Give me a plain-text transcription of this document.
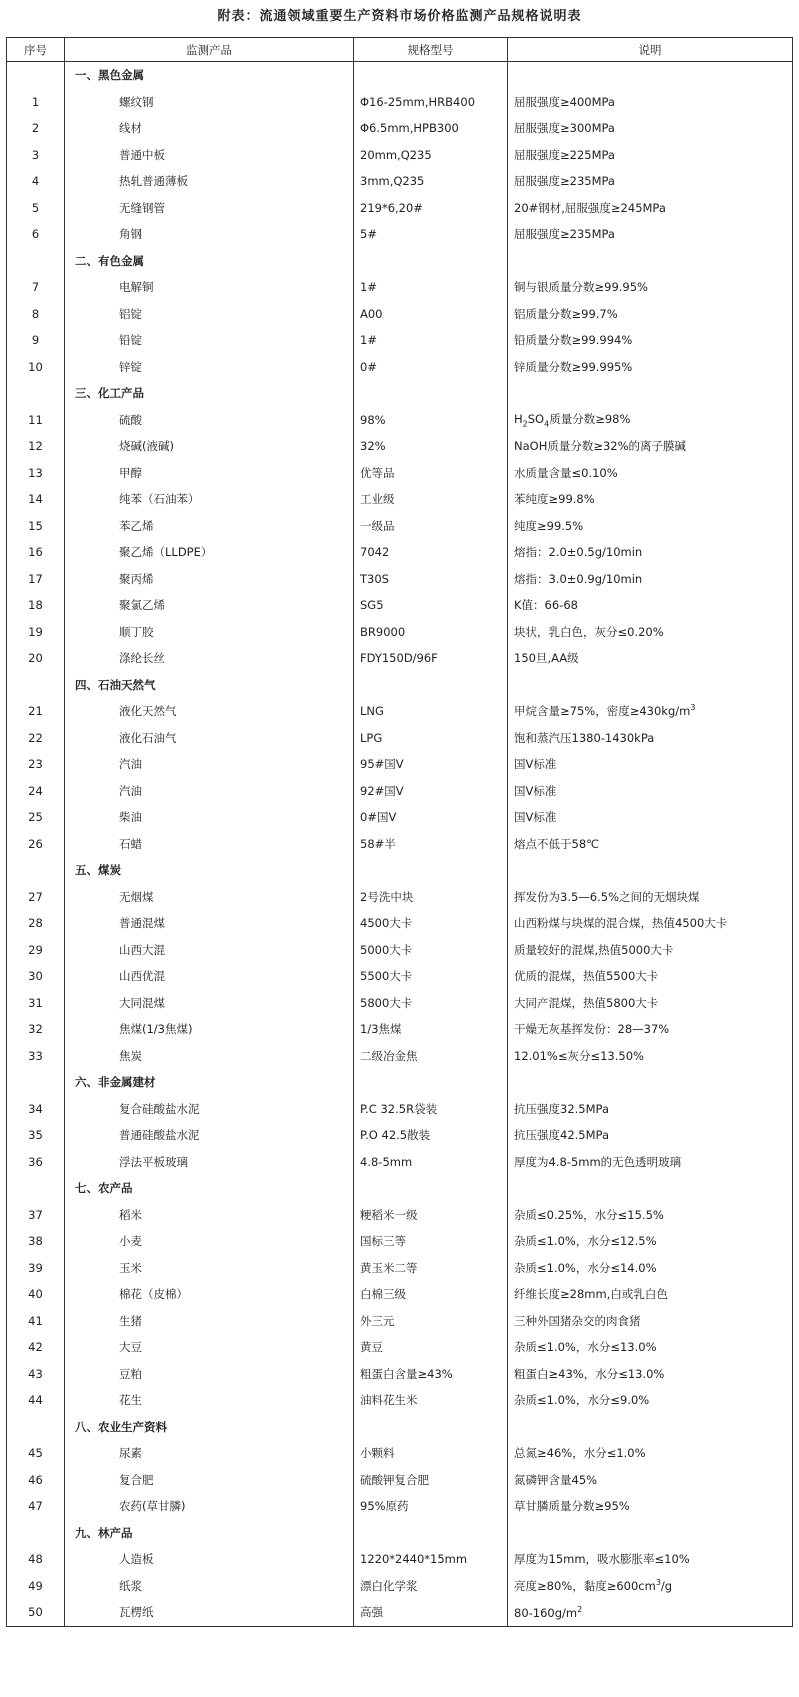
附表：流通领域重要生产资料市场价格监测产品规格说明表
序号	监测产品	规格型号	说明
	一、黑色金属		
1	螺纹钢	Φ16-25mm,HRB400	屈服强度≥400MPa
2	线材	Φ6.5mm,HPB300	屈服强度≥300MPa
3	普通中板	20mm,Q235	屈服强度≥225MPa
4	热轧普通薄板	3mm,Q235	屈服强度≥235MPa
5	无缝钢管	219*6,20#	20#钢材,屈服强度≥245MPa
6	角钢	5#	屈服强度≥235MPa
	二、有色金属		
7	电解铜	1#	铜与银质量分数≥99.95%
8	铝锭	A00	铝质量分数≥99.7%
9	铅锭	1#	铅质量分数≥99.994%
10	锌锭	0#	锌质量分数≥99.995%
	三、化工产品		
11	硫酸	98%	$H_2SO_4$质量分数≥98%
12	烧碱(液碱)	32%	NaOH质量分数≥32%的离子膜碱
13	甲醇	优等品	水质量含量≤0.10%
14	纯苯（石油苯）	工业级	苯纯度≥99.8%
15	苯乙烯	一级品	纯度≥99.5%
16	聚乙烯（LLDPE）	7042	熔指：2.0±0.5g/10min
17	聚丙烯	T30S	熔指：3.0±0.9g/10min
18	聚氯乙烯	SG5	K值：66-68
19	顺丁胶	BR9000	块状，乳白色，灰分≤0.20%
20	涤纶长丝	FDY150D/96F	150旦,AA级
	四、石油天然气		
21	液化天然气	LNG	甲烷含量≥75%，密度$\ge 430kg/m^3$
22	液化石油气	LPG	饱和蒸汽压1380-1430kPa
23	汽油	95#国Ⅴ	国Ⅴ标准
24	汽油	92#国Ⅴ	国Ⅴ标准
25	柴油	0#国Ⅴ	国Ⅴ标准
26	石蜡	58#半	熔点不低于58℃
	五、煤炭		
27	无烟煤	2号洗中块	挥发份为3.5—6.5%之间的无烟块煤
28	普通混煤	4500大卡	山西粉煤与块煤的混合煤，热值4500大卡
29	山西大混	5000大卡	质量较好的混煤,热值5000大卡
30	山西优混	5500大卡	优质的混煤，热值5500大卡
31	大同混煤	5800大卡	大同产混煤，热值5800大卡
32	焦煤(1/3焦煤)	1/3焦煤	干燥无灰基挥发份：28—37%
33	焦炭	二级冶金焦	12.01%≤灰分≤13.50%
	六、非金属建材		
34	复合硅酸盐水泥	P.C 32.5R袋装	抗压强度32.5MPa
35	普通硅酸盐水泥	P.O 42.5散装	抗压强度42.5MPa
36	浮法平板玻璃	4.8-5mm	厚度为4.8-5mm的无色透明玻璃
	七、农产品		
37	稻米	粳稻米一级	杂质≤0.25%，水分≤15.5%
38	小麦	国标三等	杂质≤1.0%，水分≤12.5%
39	玉米	黄玉米二等	杂质≤1.0%，水分≤14.0%
40	棉花（皮棉）	白棉三级	纤维长度≥28mm,白或乳白色
41	生猪	外三元	三种外国猪杂交的肉食猪
42	大豆	黄豆	杂质≤1.0%，水分≤13.0%
43	豆粕	粗蛋白含量≥43%	粗蛋白≥43%，水分≤13.0%
44	花生	油料花生米	杂质≤1.0%，水分≤9.0%
	八、农业生产资料		
45	尿素	小颗料	总氮≥46%，水分≤1.0%
46	复合肥	硫酸钾复合肥	氮磷钾含量45%
47	农药(草甘膦)	95%原药	草甘膦质量分数≥95%
	九、林产品		
48	人造板	1220*2440*15mm	厚度为15mm，吸水膨胀率≤10%
49	纸浆	漂白化学浆	亮度≥80%，黏度$\ge 600cm^3/g$
50	瓦楞纸	高强	$80-160g/m^2$
